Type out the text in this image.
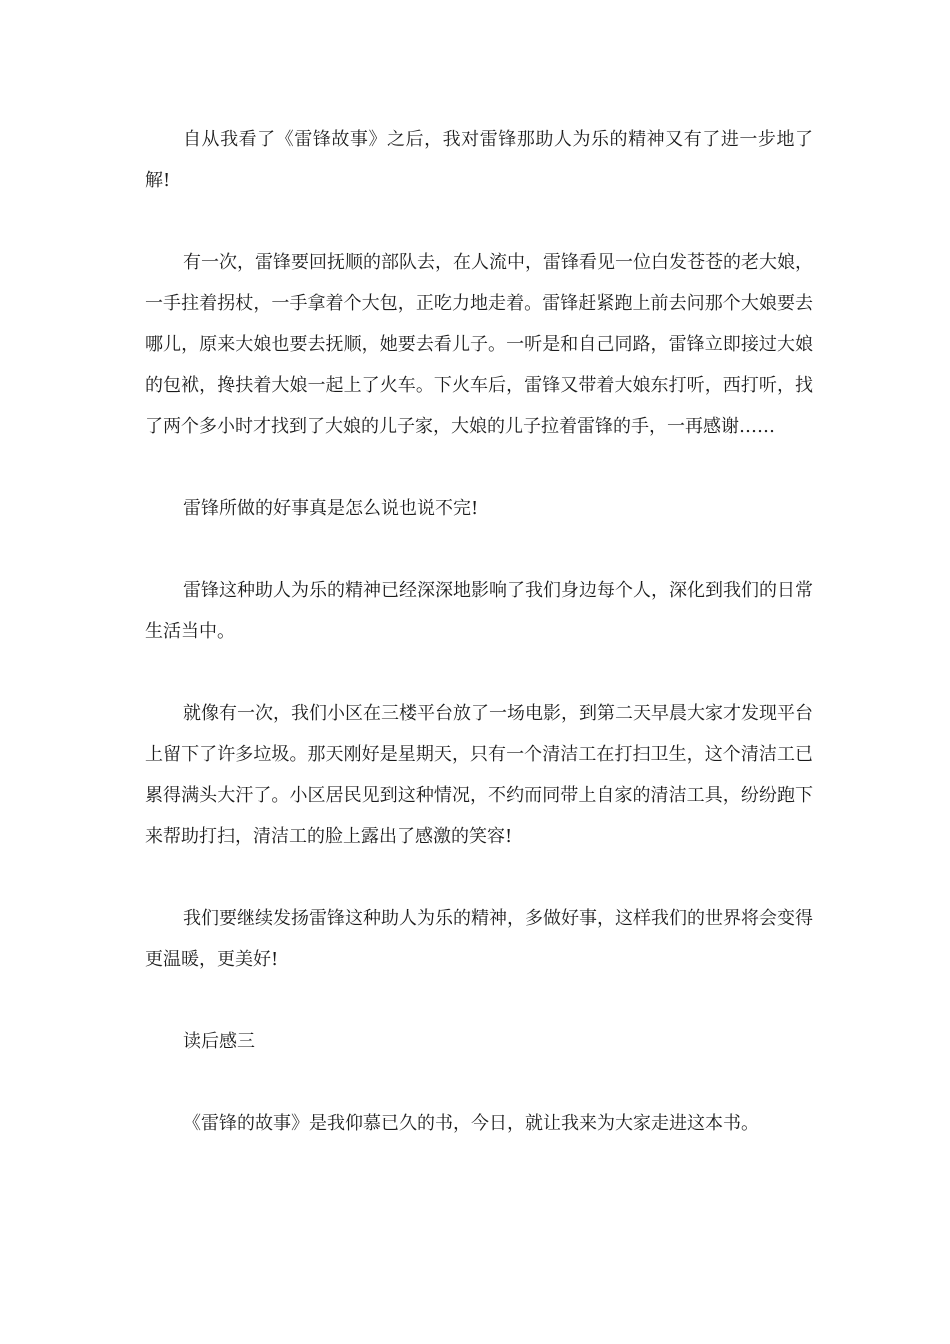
自从我看了《雷锋故事》之后，我对雷锋那助人为乐的精神又有了进一步地了解!

有一次，雷锋要回抚顺的部队去，在人流中，雷锋看见一位白发苍苍的老大娘，一手拄着拐杖，一手拿着个大包，正吃力地走着。雷锋赶紧跑上前去问那个大娘要去哪儿，原来大娘也要去抚顺，她要去看儿子。一听是和自己同路，雷锋立即接过大娘的包袱，搀扶着大娘一起上了火车。下火车后，雷锋又带着大娘东打听，西打听，找了两个多小时才找到了大娘的儿子家，大娘的儿子拉着雷锋的手，一再感谢……

雷锋所做的好事真是怎么说也说不完!

雷锋这种助人为乐的精神已经深深地影响了我们身边每个人，深化到我们的日常生活当中。

就像有一次，我们小区在三楼平台放了一场电影，到第二天早晨大家才发现平台上留下了许多垃圾。那天刚好是星期天，只有一个清洁工在打扫卫生，这个清洁工已累得满头大汗了。小区居民见到这种情况，不约而同带上自家的清洁工具，纷纷跑下来帮助打扫，清洁工的脸上露出了感激的笑容!

我们要继续发扬雷锋这种助人为乐的精神，多做好事，这样我们的世界将会变得更温暖，更美好!

读后感三

《雷锋的故事》是我仰慕已久的书，今日，就让我来为大家走进这本书。
